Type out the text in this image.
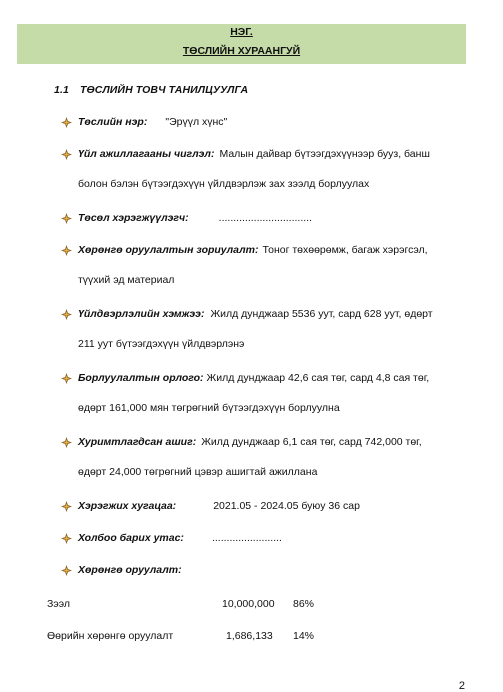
НЭГ.
ТӨСЛИЙН ХУРААНГУЙ
1.1 ТӨСЛИЙН ТОВЧ ТАНИЛЦУУЛГА
Төслийн нэр: "Эрүүл хүнс"
Үйл ажиллагааны чиглэл: Малын дайвар бүтээгдэхүүнээр бууз, банш
болон бэлэн бүтээгдэхүүн үйлдвэрлэж зах зээлд борлуулах
Төсөл хэрэгжүүлэгч:	................................
Хөрөнгө оруулалтын зориулалт: Тоног төхөөрөмж, багаж хэрэгсэл,
түүхий эд материал
Үйлдвэрлэлийн хэмжээ: Жилд дунджаар 5536 уут, сард 628 уут, өдөрт
211 уут бүтээгдэхүүн үйлдвэрлэнэ
Борлуулалтын орлого: Жилд дунджаар 42,6 сая төг, сард 4,8 сая төг,
өдөрт 161,000 мян төгрөгний бүтээгдэхүүн борлуулна
Хуримтлагдсан ашиг: Жилд дунджаар 6,1 сая төг, сард 742,000 төг,
өдөрт 24,000 төгрөгний цэвэр ашигтай ажиллана
Хэрэгжих хугацаа:	2021.05 - 2024.05 буюу 36 сар
Холбоо барих утас:	........................
Хөрөнгө оруулалт:
Зээл	10,000,000 86%
Өөрийн хөрөнгө оруулалт	1,686,133 14%
2
